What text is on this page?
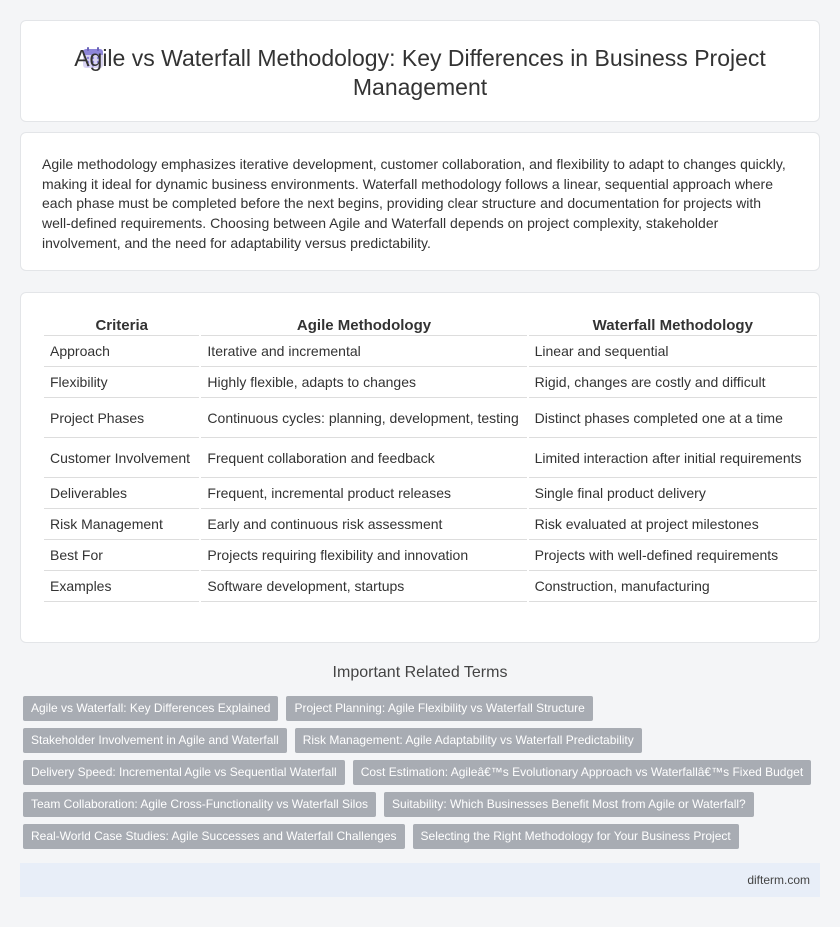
Agile vs Waterfall Methodology: Key Differences in Business Project Management

Agile methodology emphasizes iterative development, customer collaboration, and flexibility to adapt to changes quickly, making it ideal for dynamic business environments. Waterfall methodology follows a linear, sequential approach where each phase must be completed before the next begins, providing clear structure and documentation for projects with well-defined requirements. Choosing between Agile and Waterfall depends on project complexity, stakeholder involvement, and the need for adaptability versus predictability.

Criteria	Agile Methodology	Waterfall Methodology
Approach	Iterative and incremental	Linear and sequential
Flexibility	Highly flexible, adapts to changes	Rigid, changes are costly and difficult
Project Phases	Continuous cycles: planning, development, testing	Distinct phases completed one at a time
Customer Involvement	Frequent collaboration and feedback	Limited interaction after initial requirements
Deliverables	Frequent, incremental product releases	Single final product delivery
Risk Management	Early and continuous risk assessment	Risk evaluated at project milestones
Best For	Projects requiring flexibility and innovation	Projects with well-defined requirements
Examples	Software development, startups	Construction, manufacturing
Important Related Terms
Agile vs Waterfall: Key Differences Explained	Project Planning: Agile Flexibility vs Waterfall Structure
Stakeholder Involvement in Agile and Waterfall	Risk Management: Agile Adaptability vs Waterfall Predictability
Delivery Speed: Incremental Agile vs Sequential Waterfall	Cost Estimation: Agileâ€™s Evolutionary Approach vs Waterfallâ€™s Fixed Budget
Team Collaboration: Agile Cross-Functionality vs Waterfall Silos	Suitability: Which Businesses Benefit Most from Agile or Waterfall?
Real-World Case Studies: Agile Successes and Waterfall Challenges	Selecting the Right Methodology for Your Business Project
difterm.com
